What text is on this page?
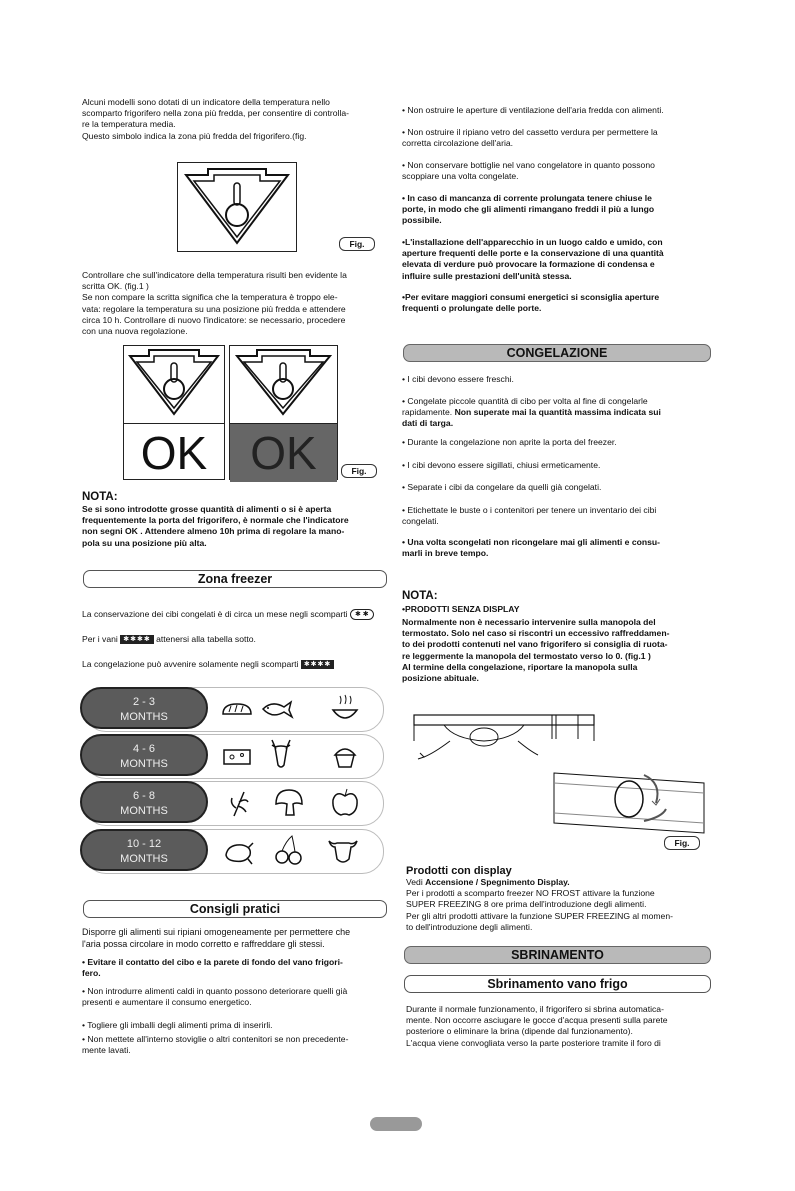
Alcuni modelli sono dotati di un indicatore della temperatura nello
scomparto frigorifero nella zona più fredda, per consentire di controlla-
re la temperatura media.
Questo simbolo indica la zona più fredda del frigorifero.(fig.

Fig.

Controllare che sull'indicatore della temperatura risulti ben evidente la
scritta OK. (fig.1 )
Se non compare la scritta significa che la temperatura è troppo ele-
vata: regolare la temperatura su una posizione più fredda e attendere
circa 10 h. Controllare di nuovo l'indicatore: se necessario, procedere
con una nuova regolazione.

OK OK	Fig.

NOTA:

Se si sono introdotte grosse quantità di alimenti o si è aperta
frequentemente la porta del frigorifero, è normale che l'indicatore
non segni OK . Attendere almeno 10h prima di regolare la mano-
pola su una posizione più alta.

Zona freezer

La conservazione dei cibi congelati è di circa un mese negli scomparti ✱ ✱

Per i vani ✱✱✱✱ attenersi alla tabella sotto.

La congelazione può avvenire solamente negli scomparti ✱✱✱✱

2 - 3
MONTHS
4 - 6
MONTHS
6 - 8
MONTHS
10 - 12
MONTHS
Consigli pratici

Disporre gli alimenti sui ripiani omogeneamente per permettere che
l'aria possa circolare in modo corretto e raffreddare gli stessi.

• Evitare il contatto del cibo e la parete di fondo del vano frigori-
fero.

• Non introdurre alimenti caldi in quanto possono deteriorare quelli già
presenti e aumentare il consumo energetico.

• Togliere gli imballi degli alimenti prima di inserirli.

• Non mettete all'interno stoviglie o altri contenitori se non precedente-
mente lavati.

• Non ostruire le aperture di ventilazione dell'aria fredda con alimenti.

• Non ostruire il ripiano vetro del cassetto verdura per permettere la
corretta circolazione dell'aria.

• Non conservare bottiglie nel vano congelatore in quanto possono
scoppiare una volta congelate.

• In caso di mancanza di corrente prolungata tenere chiuse le
porte, in modo che gli alimenti rimangano freddi il più a lungo
possibile.

•L'installazione dell'apparecchio in un luogo caldo e umido, con
aperture frequenti delle porte e la conservazione di una quantità
elevata di verdure può provocare la formazione di condensa e
influire sulle prestazioni dell'unità stessa.

•Per evitare maggiori consumi energetici si sconsiglia aperture
frequenti o prolungate delle porte.

CONGELAZIONE

• I cibi devono essere freschi.

• Congelate piccole quantità di cibo per volta al fine di congelarle
rapidamente. Non superate mai la quantità massima indicata sui
dati di targa.

• Durante la congelazione non aprite la porta del freezer.

• I cibi devono essere sigillati, chiusi ermeticamente.

• Separate i cibi da congelare da quelli già congelati.

• Etichettate le buste o i contenitori per tenere un inventario dei cibi
congelati.

• Una volta scongelati non ricongelare mai gli alimenti e consu-
marli in breve tempo.

NOTA:

•PRODOTTI SENZA DISPLAY

Normalmente non è necessario intervenire sulla manopola del
termostato. Solo nel caso si riscontri un eccessivo raffreddamen-
to dei prodotti contenuti nel vano frigorifero si consiglia di ruota-
re leggermente la manopola del termostato verso lo 0. (fig.1 )
Al termine della congelazione, riportare la manopola sulla
posizione abituale.

Fig.

Prodotti con display

Vedi Accensione / Spegnimento Display.
Per i prodotti a scomparto freezer NO FROST attivare la funzione
SUPER FREEZING 8 ore prima dell'introduzione degli alimenti.
Per gli altri prodotti attivare la funzione SUPER FREEZING al momen-
to dell'introduzione degli alimenti.

SBRINAMENTO
Sbrinamento vano frigo

Durante il normale funzionamento, il frigorifero si sbrina automatica-
mente. Non occorre asciugare le gocce d'acqua presenti sulla parete
posteriore o eliminare la brina (dipende dal funzionamento).
L'acqua viene convogliata verso la parte posteriore tramite il foro di
